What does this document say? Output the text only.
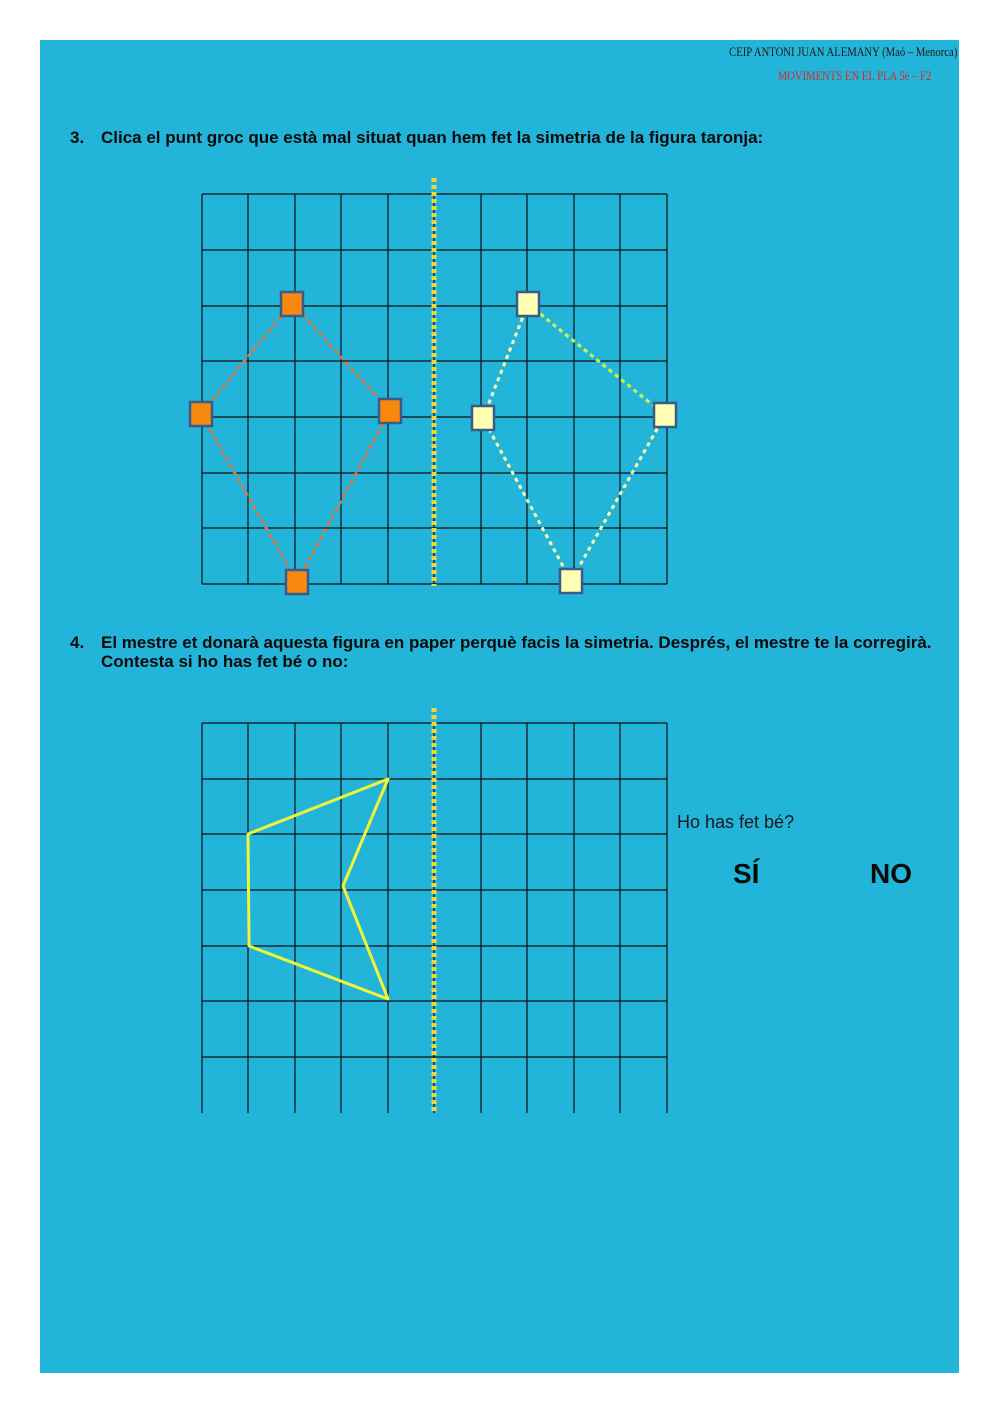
CEIP ANTONI JUAN ALEMANY (Maó – Menorca)
MOVIMENTS EN EL PLA 5è – F2
3. Clica el punt groc que està mal situat quan hem fet la simetria de la figura taronja:
4. El mestre et donarà aquesta figura en paper perquè facis la simetria. Després, el mestre te la corregirà. Contesta si ho has fet bé o no:
Ho has fet bé?
SÍ	NO
